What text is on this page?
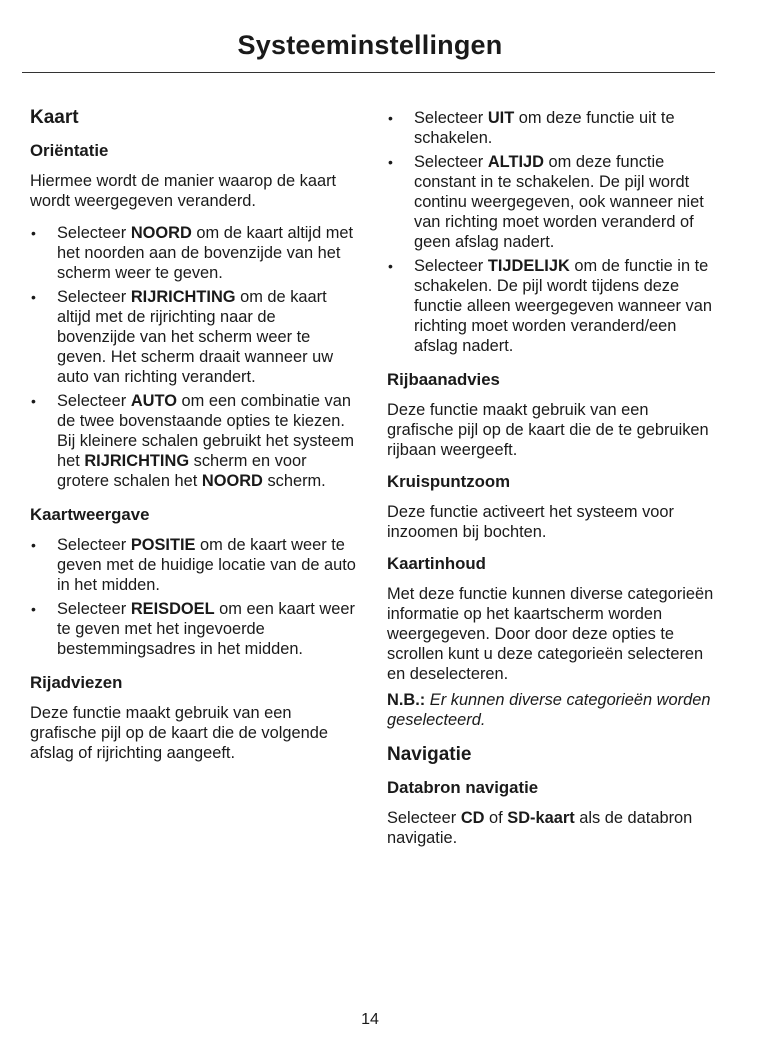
Systeeminstellingen
Kaart
Oriëntatie

Hiermee wordt de manier waarop de kaart wordt weergegeven veranderd.

• Selecteer NOORD om de kaart altijd met het noorden aan de bovenzijde van het scherm weer te geven.
• Selecteer RIJRICHTING om de kaart altijd met de rijrichting naar de bovenzijde van het scherm weer te geven. Het scherm draait wanneer uw auto van richting verandert.
• Selecteer AUTO om een combinatie van de twee bovenstaande opties te kiezen. Bij kleinere schalen gebruikt het systeem het RIJRICHTING scherm en voor grotere schalen het NOORD scherm.
Kaartweergave
• Selecteer POSITIE om de kaart weer te geven met de huidige locatie van de auto in het midden.
• Selecteer REISDOEL om een kaart weer te geven met het ingevoerde bestemmingsadres in het midden.
Rijadviezen

Deze functie maakt gebruik van een grafische pijl op de kaart die de volgende afslag of rijrichting aangeeft.

• Selecteer UIT om deze functie uit te schakelen.
• Selecteer ALTIJD om deze functie constant in te schakelen. De pijl wordt continu weergegeven, ook wanneer niet van richting moet worden veranderd of geen afslag nadert.
• Selecteer TIJDELIJK om de functie in te schakelen. De pijl wordt tijdens deze functie alleen weergegeven wanneer van richting moet worden veranderd/een afslag nadert.
Rijbaanadvies

Deze functie maakt gebruik van een grafische pijl op de kaart die de te gebruiken rijbaan weergeeft.

Kruispuntzoom

Deze functie activeert het systeem voor inzoomen bij bochten.

Kaartinhoud

Met deze functie kunnen diverse categorieën informatie op het kaartscherm worden weergegeven. Door door deze opties te scrollen kunt u deze categorieën selecteren en deselecteren.

N.B.: Er kunnen diverse categorieën worden geselecteerd.

Navigatie
Databron navigatie

Selecteer CD of SD-kaart als de databron navigatie.

14
